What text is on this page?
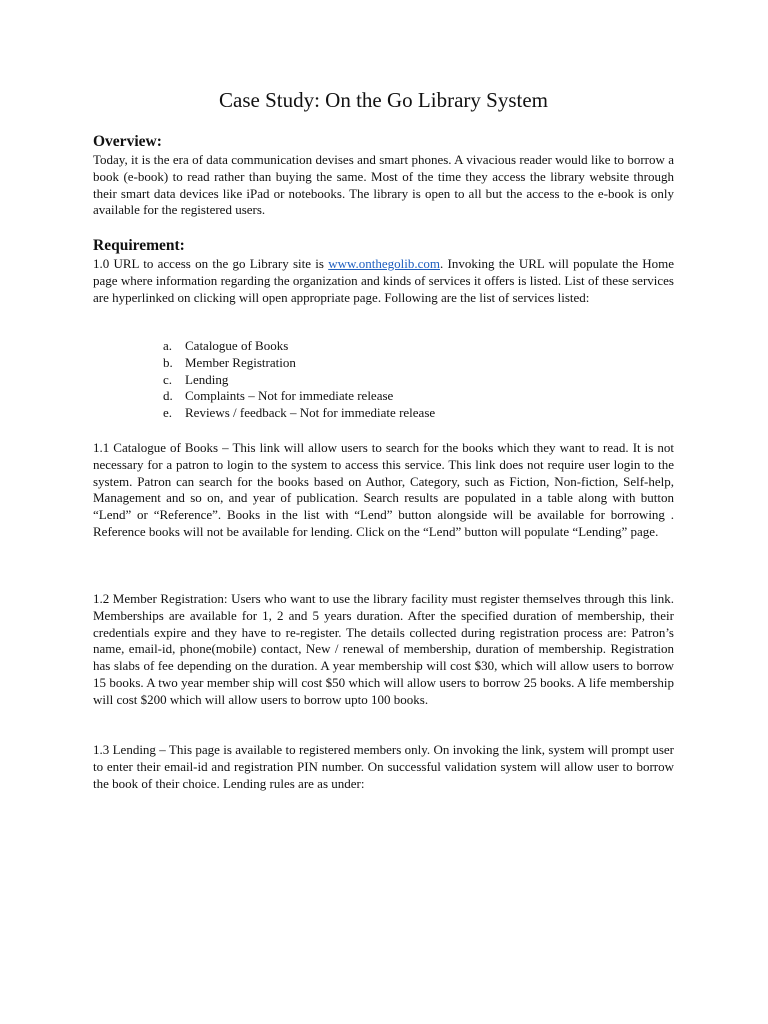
Case Study: On the Go Library System
Overview:

Today, it is the era of data communication devises and smart phones. A vivacious reader would like to borrow a book (e-book) to read rather than buying the same. Most of the time they access the library website through their smart data devices like iPad or notebooks. The library is open to all but the access to the e-book is only available for the registered users.

Requirement:

1.0 URL to access on the go Library site is www.onthegolib.com. Invoking the URL will populate the Home page where information regarding the organization and kinds of services it offers is listed. List of these services are hyperlinked on clicking will open appropriate page. Following are the list of services listed:

a. Catalogue of Books
b. Member Registration
c. Lending
d. Complaints – Not for immediate release
e. Reviews / feedback – Not for immediate release

1.1 Catalogue of Books – This link will allow users to search for the books which they want to read. It is not necessary for a patron to login to the system to access this service. This link does not require user login to the system. Patron can search for the books based on Author, Category, such as Fiction, Non-fiction, Self-help, Management and so on, and year of publication. Search results are populated in a table along with button “Lend” or “Reference”. Books in the list with “Lend” button alongside will be available for borrowing . Reference books will not be available for lending. Click on the “Lend” button will populate “Lending” page.

1.2 Member Registration: Users who want to use the library facility must register themselves through this link. Memberships are available for 1, 2 and 5 years duration. After the specified duration of membership, their credentials expire and they have to re-register. The details collected during registration process are: Patron’s name, email-id, phone(mobile) contact, New / renewal of membership, duration of membership. Registration has slabs of fee depending on the duration. A year membership will cost $30, which will allow users to borrow 15 books. A two year member ship will cost $50 which will allow users to borrow 25 books. A life membership will cost $200 which will allow users to borrow upto 100 books.

1.3 Lending – This page is available to registered members only. On invoking the link, system will prompt user to enter their email-id and registration PIN number. On successful validation system will allow user to borrow the book of their choice. Lending rules are as under:
